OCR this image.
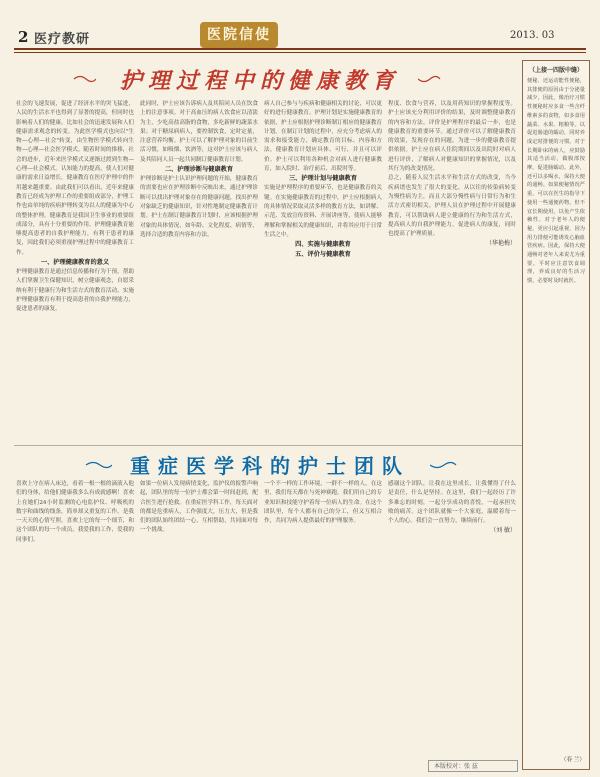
2 医疗教研	医院信使	2013. 03
护理过程中的健康教育
社会的飞速发展，促进了经济水平的突飞猛进，人民的生活水平也得到了显著的提高，但同时也影响着人们的健康。比如社会的迅速发展和人们健康需求观念的转变，为此医学模式也向以"生物—心理—社会"转变，由生物医学模式转向生物—心理—社会医学模式。随着时间的推移，社会的进步，近年来医学模式又逐渐过渡到生物—心理—社会模式。认知能力的提高，使人们对健康的需求日益增长。健康教育在医疗护理中的作用越来越重要。由此我们可以看出，近年来健康教育已经成为护理工作的重要组成部分，护理工作也由单纯的疾病护理转变为以人的健康为中心的整体护理。健康教育是我国卫生事业的重要组成部分，具有十分重要的作用。护理健康教育能够提高患者的自我护理能力，有利于患者的康复，因此我们必须重视护理过程中的健康教育工作。
一、护理健康教育的意义
护理健康教育是通过信息传播和行为干预，帮助人们掌握卫生保健知识，树立健康观念，自愿采纳有利于健康行为和生活方式的教育活动。实施护理健康教育有利于提高患者的自我护理能力，促进患者的康复。
此同时，护士应该告诉病人及其陪同人员在饮食上的注意事项。对于高血压的病人饮食应以清淡为主，少吃高盐高脂的食物，多吃新鲜的蔬菜水果；对于糖尿病病人，要控制饮食，定时定量，注意营养均衡。护士可以了解护理对象的目前生活习惯，如吸烟、饮酒等，这对护士应该与病人及其陪同人员一起共同制订健康教育计划。
二、护理诊断与健康教育
护理诊断是护士认识护理问题的开始，健康教育的需要也应在护理诊断中反映出来。通过护理诊断可以找出护理对象存在的健康问题，找出护理对象缺乏的健康知识，针对性地制定健康教育计划。护士在制订健康教育计划时，应该根据护理对象的具体情况，如年龄、文化程度、病情等，选择合适的教育内容和方法。
病人自己参与与疾病和健康相关的讨论，可以更好的进行健康教育。护理计划是实施健康教育的依据，护士应根据护理诊断制订相应的健康教育计划。在制订计划的过程中，应充分考虑病人的需求和接受能力，确定教育的目标、内容和方法。健康教育计划应具体、可行，并且可以评价。护士可以利用各种机会对病人进行健康教育，如入院时、治疗前后、出院时等。
三、护理计划与健康教育
实施是护理程序的重要环节，也是健康教育的关键。在实施健康教育的过程中，护士应根据病人的具体情况采取灵活多样的教育方法，如讲解、示范、发放宣传资料、开展讲座等，使病人能够理解和掌握相关的健康知识，并将其应用于日常生活之中。
四、实施与健康教育
五、评价与健康教育
程度、饮食与营养，以及用药知识的掌握程度等。护士应该充分利用评价的结果，及时调整健康教育的内容和方法。评价是护理程序的最后一步，也是健康教育的重要环节。通过评价可以了解健康教育的效果，发现存在的问题，为进一步的健康教育提供依据。护士应在病人住院期间以及出院时对病人进行评价，了解病人对健康知识的掌握情况，以及其行为的改变情况。
总之，随着人民生活水平和生活方式的改变，当今疾病谱也发生了很大的变化，从以往的传染病转变为慢性病为主，而且大部分慢性病与日常行为和生活方式密切相关。护理人员在护理过程中开展健康教育，可以帮助病人建立健康的行为和生活方式，提高病人的自我护理能力，促进病人的康复，同时也提高了护理质量。
（华艳梅）
重症医学科的护士团队
喜欢上守在病人床边，看着一根一根的滴液入他们的身体，给他们健康我多么有成就感啊！喜欢上在她们24小时监测的心电监护仪、呼吸机的数字和曲线的线条，简单却又重复的工作，是我一天天的心情写照。喜欢上它的每一个细节，和这个团队的每一个成员，我爱我的工作，爱我的同事们。
如果一位病人发现病情变化，监护仪的报警声响起，团队里的每一位护士都会第一时间赶到，配合医生进行抢救。在重症医学科工作，每天面对的都是危重病人，工作强度大，压力大，但是我们的团队始终团结一心，互相帮助，共同面对每一个挑战。
一个不一样的工作环境，一群不一样的人，在这里，我们每天都在与死神赛跑，我们用自己的专业知识和技能守护着每一位病人的生命。在这个团队里，每个人都有自己的分工，但又互相合作，共同为病人提供最好的护理服务。
感谢这个团队，让我在这里成长，让我懂得了什么是责任，什么是坚持。在这里，我们一起经历了许多难忘的时刻，一起分享成功的喜悦，一起承担失败的痛苦。这个团队就像一个大家庭，温暖着每一个人的心。我们会一直努力，继续前行。
（刘 敏）
（上接一四版中缝）
便秘、还运动能性便秘，其排便的原因由于分泌量减少，因此，像治疗习惯性便秘时应多食一些含纤维素多的食物，如多食用蔬菜、水果、粗粮等。以促进肠道的蠕动，同时养成定时排便的习惯。对于长期卧床的病人，应鼓励其适当活动，做腹部按摩，促进肠蠕动。此外，还可以多喝水，保持大便的通畅。如果便秘情况严重，可以在医生的指导下使用一些通便药物，但不宜长期使用，以免产生依赖性。对于老年人的便秘，更应引起重视，因为用力排便可能诱发心脑血管疾病。因此，保持大便通畅对老年人来说尤为重要。平时应注意饮食调理，养成良好的生活习惯，必要时及时就医。
（春 兰）
本版校对：张 兹
